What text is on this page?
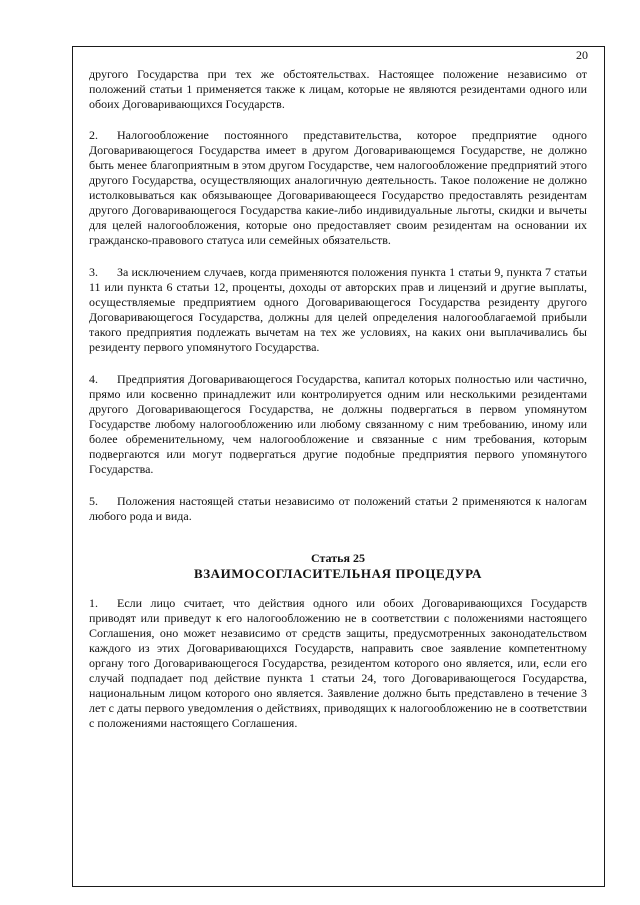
20

другого Государства при тех же обстоятельствах. Настоящее положение независимо от положений статьи 1 применяется также к лицам, которые не являются резидентами одного или обоих Договаривающихся Государств.

2. Налогообложение постоянного представительства, которое предприятие одного Договаривающегося Государства имеет в другом Договаривающемся Государстве, не должно быть менее благоприятным в этом другом Государстве, чем налогообложение предприятий этого другого Государства, осуществляющих аналогичную деятельность. Такое положение не должно истолковываться как обязывающее Договаривающееся Государство предоставлять резидентам другого Договаривающегося Государства какие-либо индивидуальные льготы, скидки и вычеты для целей налогообложения, которые оно предоставляет своим резидентам на основании их гражданско-правового статуса или семейных обязательств.

3. За исключением случаев, когда применяются положения пункта 1 статьи 9, пункта 7 статьи 11 или пункта 6 статьи 12, проценты, доходы от авторских прав и лицензий и другие выплаты, осуществляемые предприятием одного Договаривающегося Государства резиденту другого Договаривающегося Государства, должны для целей определения налогооблагаемой прибыли такого предприятия подлежать вычетам на тех же условиях, на каких они выплачивались бы резиденту первого упомянутого Государства.

4. Предприятия Договаривающегося Государства, капитал которых полностью или частично, прямо или косвенно принадлежит или контролируется одним или несколькими резидентами другого Договаривающегося Государства, не должны подвергаться в первом упомянутом Государстве любому налогообложению или любому связанному с ним требованию, иному или более обременительному, чем налогообложение и связанные с ним требования, которым подвергаются или могут подвергаться другие подобные предприятия первого упомянутого Государства.

5. Положения настоящей статьи независимо от положений статьи 2 применяются к налогам любого рода и вида.

Статья 25
ВЗАИМОСОГЛАСИТЕЛЬНАЯ ПРОЦЕДУРА

1. Если лицо считает, что действия одного или обоих Договаривающихся Государств приводят или приведут к его налогообложению не в соответствии с положениями настоящего Соглашения, оно может независимо от средств защиты, предусмотренных законодательством каждого из этих Договаривающихся Государств, направить свое заявление компетентному органу того Договаривающегося Государства, резидентом которого оно является, или, если его случай подпадает под действие пункта 1 статьи 24, того Договаривающегося Государства, национальным лицом которого оно является. Заявление должно быть представлено в течение 3 лет с даты первого уведомления о действиях, приводящих к налогообложению не в соответствии с положениями настоящего Соглашения.
